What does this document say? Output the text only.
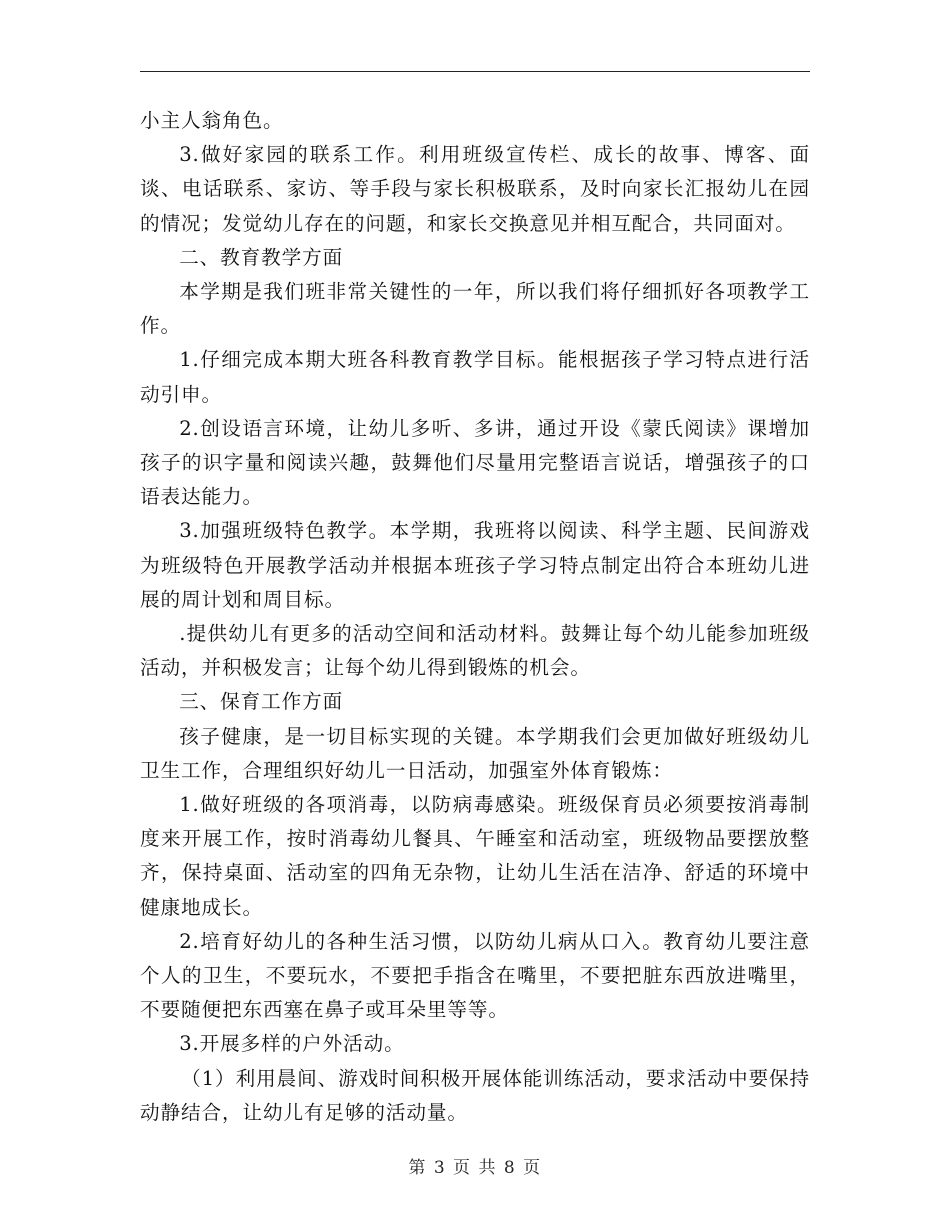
小主人翁角色。

3.做好家园的联系工作。利用班级宣传栏、成长的故事、博客、面谈、电话联系、家访、等手段与家长积极联系，及时向家长汇报幼儿在园的情况；发觉幼儿存在的问题，和家长交换意见并相互配合，共同面对。

二、教育教学方面

本学期是我们班非常关键性的一年，所以我们将仔细抓好各项教学工作。

1.仔细完成本期大班各科教育教学目标。能根据孩子学习特点进行活动引申。

2.创设语言环境，让幼儿多听、多讲，通过开设《蒙氏阅读》课增加孩子的识字量和阅读兴趣，鼓舞他们尽量用完整语言说话，增强孩子的口语表达能力。

3.加强班级特色教学。本学期，我班将以阅读、科学主题、民间游戏为班级特色开展教学活动并根据本班孩子学习特点制定出符合本班幼儿进展的周计划和周目标。

.提供幼儿有更多的活动空间和活动材料。鼓舞让每个幼儿能参加班级活动，并积极发言；让每个幼儿得到锻炼的机会。

三、保育工作方面

孩子健康，是一切目标实现的关键。本学期我们会更加做好班级幼儿卫生工作，合理组织好幼儿一日活动，加强室外体育锻炼：

1.做好班级的各项消毒，以防病毒感染。班级保育员必须要按消毒制度来开展工作，按时消毒幼儿餐具、午睡室和活动室，班级物品要摆放整齐，保持桌面、活动室的四角无杂物，让幼儿生活在洁净、舒适的环境中健康地成长。

2.培育好幼儿的各种生活习惯，以防幼儿病从口入。教育幼儿要注意个人的卫生，不要玩水，不要把手指含在嘴里，不要把脏东西放进嘴里，不要随便把东西塞在鼻子或耳朵里等等。

3.开展多样的户外活动。

（1）利用晨间、游戏时间积极开展体能训练活动，要求活动中要保持动静结合，让幼儿有足够的活动量。

第 3 页 共 8 页
